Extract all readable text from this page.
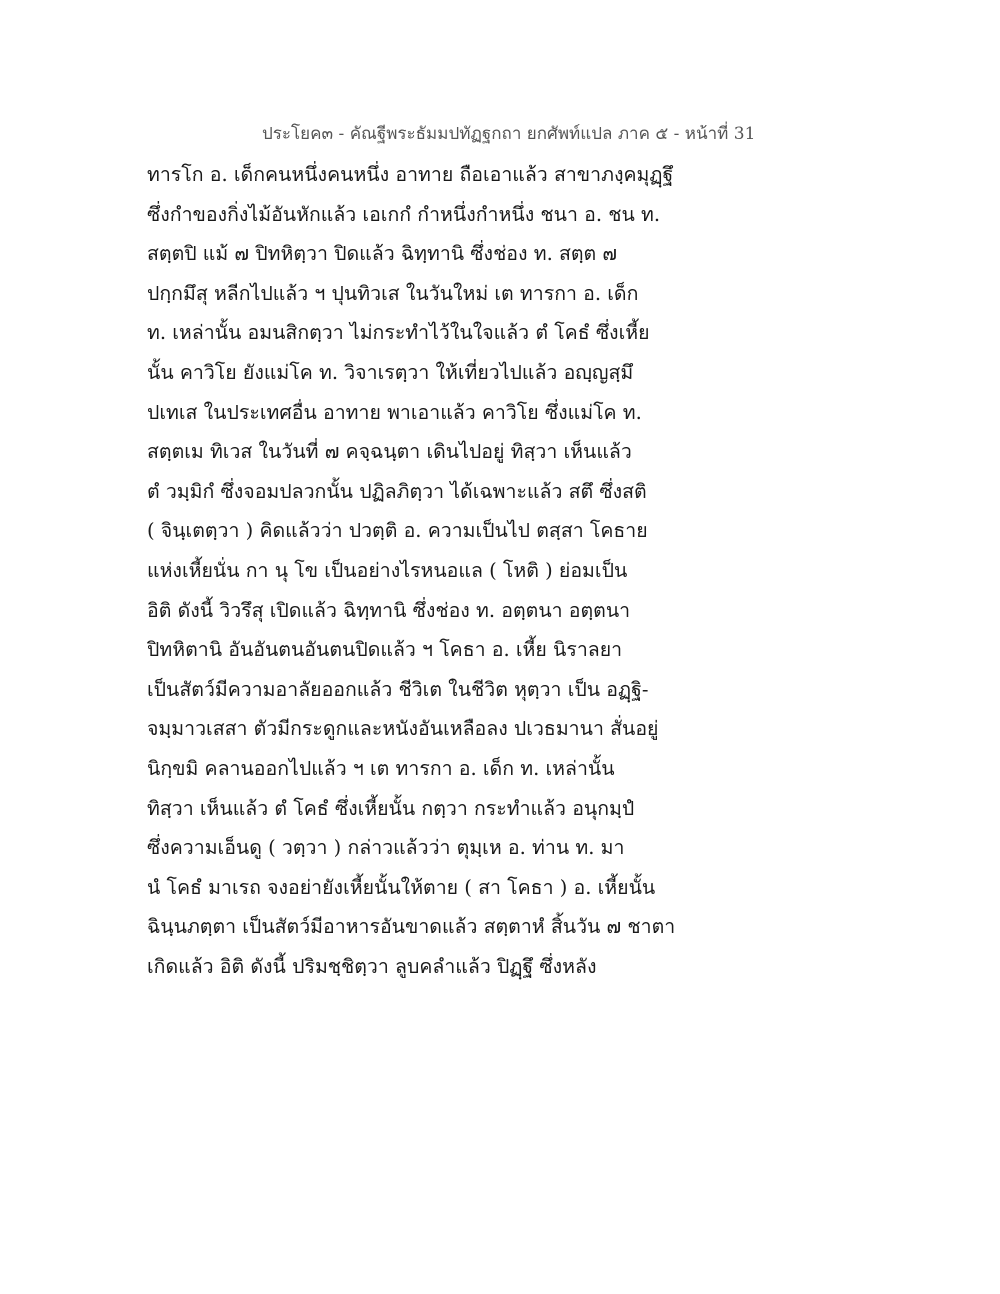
ประโยค๓ - คัณฐีพระธัมมปทัฏฐกถา ยกศัพท์แปล ภาค ๕ - หน้าที่ 31
ทารโก อ. เด็กคนหนึ่งคนหนึ่ง อาทาย ถือเอาแล้ว สาขาภงฺคมุฏฺฐึ
ซึ่งกำของกิ่งไม้อันหักแล้ว เอเกกํ กำหนึ่งกำหนึ่ง ชนา อ. ชน ท.
สตฺตปิ แม้ ๗ ปิทหิตฺวา ปิดแล้ว ฉิทฺทานิ ซึ่งช่อง ท. สตฺต ๗
ปกฺกมึสุ หลีกไปแล้ว ฯ ปุนทิวเส ในวันใหม่ เต ทารกา อ. เด็ก
ท. เหล่านั้น อมนสิกตฺวา ไม่กระทำไว้ในใจแล้ว ตํ โคธํ ซึ่งเหี้ย
นั้น คาวิโย ยังแม่โค ท. วิจาเรตฺวา ให้เที่ยวไปแล้ว อญฺญสฺมึ
ปเทเส ในประเทศอื่น อาทาย พาเอาแล้ว คาวิโย ซึ่งแม่โค ท.
สตฺตเม ทิเวส ในวันที่ ๗ คจฺฉนฺตา เดินไปอยู่ ทิสฺวา เห็นแล้ว
ตํ วมฺมิกํ ซึ่งจอมปลวกนั้น ปฏิลภิตฺวา ได้เฉพาะแล้ว สตึ ซึ่งสติ
( จินฺเตตฺวา ) คิดแล้วว่า ปวตฺติ อ. ความเป็นไป ตสฺสา โคธาย
แห่งเหี้ยนั่น กา นุ โข เป็นอย่างไรหนอแล ( โหติ ) ย่อมเป็น
อิติ ดังนี้ วิวรึสุ เปิดแล้ว ฉิทฺทานิ ซึ่งช่อง ท. อตฺตนา อตฺตนา
ปิทหิตานิ อันอันตนอันตนปิดแล้ว ฯ โคธา อ. เหี้ย นิราลยา
เป็นสัตว์มีความอาลัยออกแล้ว ชีวิเต ในชีวิต หุตฺวา เป็น อฏฺฐิ-
จมฺมาวเสสา ตัวมีกระดูกและหนังอันเหลือลง ปเวธมานา สั่นอยู่
นิกฺขมิ คลานออกไปแล้ว ฯ เต ทารกา อ. เด็ก ท. เหล่านั้น
ทิสฺวา เห็นแล้ว ตํ โคธํ ซึ่งเหี้ยนั้น กตฺวา กระทำแล้ว อนุกมฺปํ
ซึ่งความเอ็นดู ( วตฺวา ) กล่าวแล้วว่า ตุมฺเห อ. ท่าน ท. มา
นํ โคธํ มาเรถ จงอย่ายังเหี้ยนั้นให้ตาย ( สา โคธา ) อ. เหี้ยนั้น
ฉินฺนภตฺตา เป็นสัตว์มีอาหารอันขาดแล้ว สตฺตาหํ สิ้นวัน ๗ ชาตา
เกิดแล้ว อิติ ดังนี้ ปริมชฺชิตฺวา ลูบคลำแล้ว ปิฏฺฐึ ซึ่งหลัง
